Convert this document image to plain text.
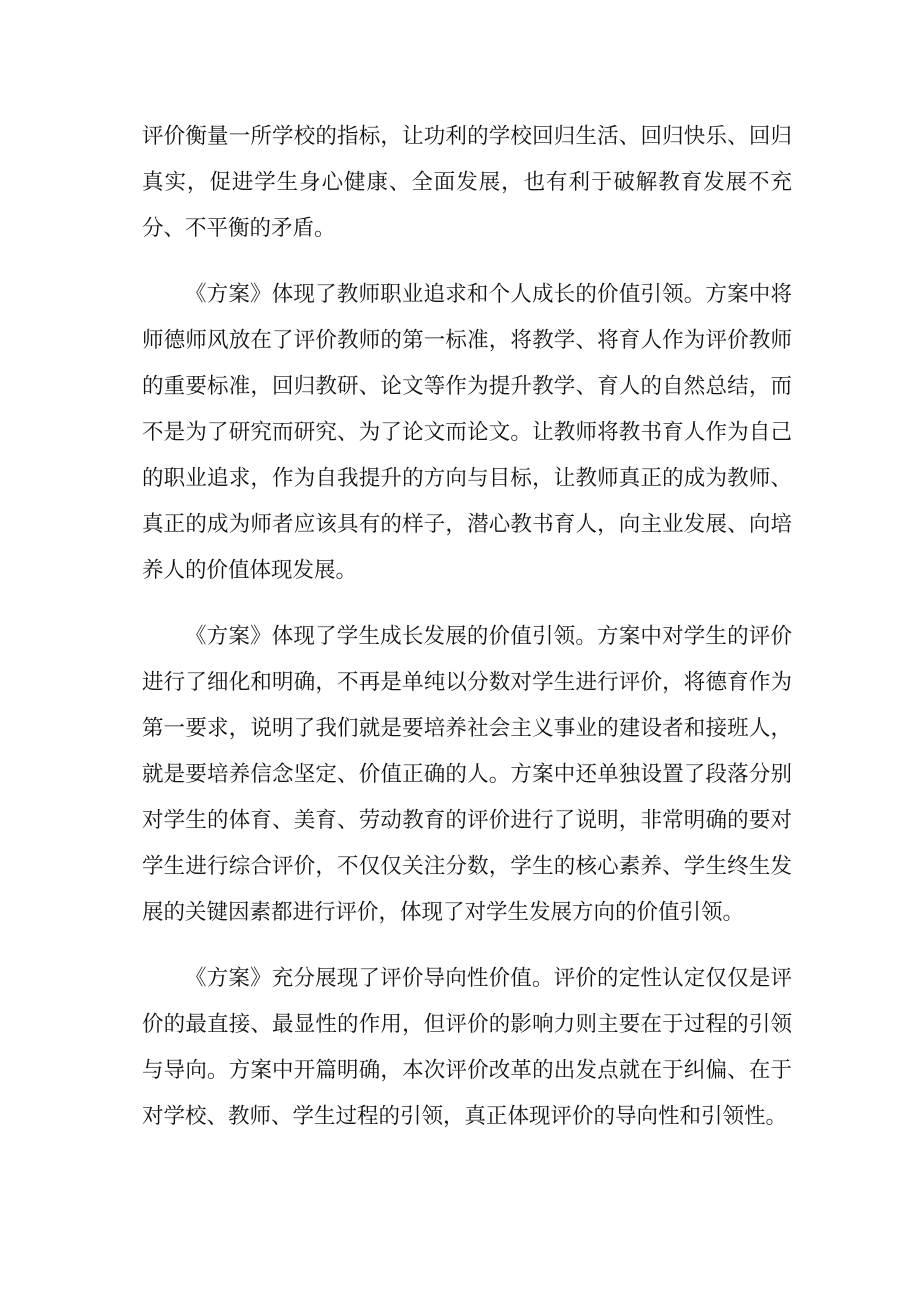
评价衡量一所学校的指标，让功利的学校回归生活、回归快乐、回归真实，促进学生身心健康、全面发展，也有利于破解教育发展不充分、不平衡的矛盾。

《方案》体现了教师职业追求和个人成长的价值引领。方案中将师德师风放在了评价教师的第一标准，将教学、将育人作为评价教师的重要标准，回归教研、论文等作为提升教学、育人的自然总结，而不是为了研究而研究、为了论文而论文。让教师将教书育人作为自己的职业追求，作为自我提升的方向与目标，让教师真正的成为教师、真正的成为师者应该具有的样子，潜心教书育人，向主业发展、向培养人的价值体现发展。

《方案》体现了学生成长发展的价值引领。方案中对学生的评价进行了细化和明确，不再是单纯以分数对学生进行评价，将德育作为第一要求，说明了我们就是要培养社会主义事业的建设者和接班人，就是要培养信念坚定、价值正确的人。方案中还单独设置了段落分别对学生的体育、美育、劳动教育的评价进行了说明，非常明确的要对学生进行综合评价，不仅仅关注分数，学生的核心素养、学生终生发展的关键因素都进行评价，体现了对学生发展方向的价值引领。

《方案》充分展现了评价导向性价值。评价的定性认定仅仅是评价的最直接、最显性的作用，但评价的影响力则主要在于过程的引领与导向。方案中开篇明确，本次评价改革的出发点就在于纠偏、在于对学校、教师、学生过程的引领，真正体现评价的导向性和引领性。
